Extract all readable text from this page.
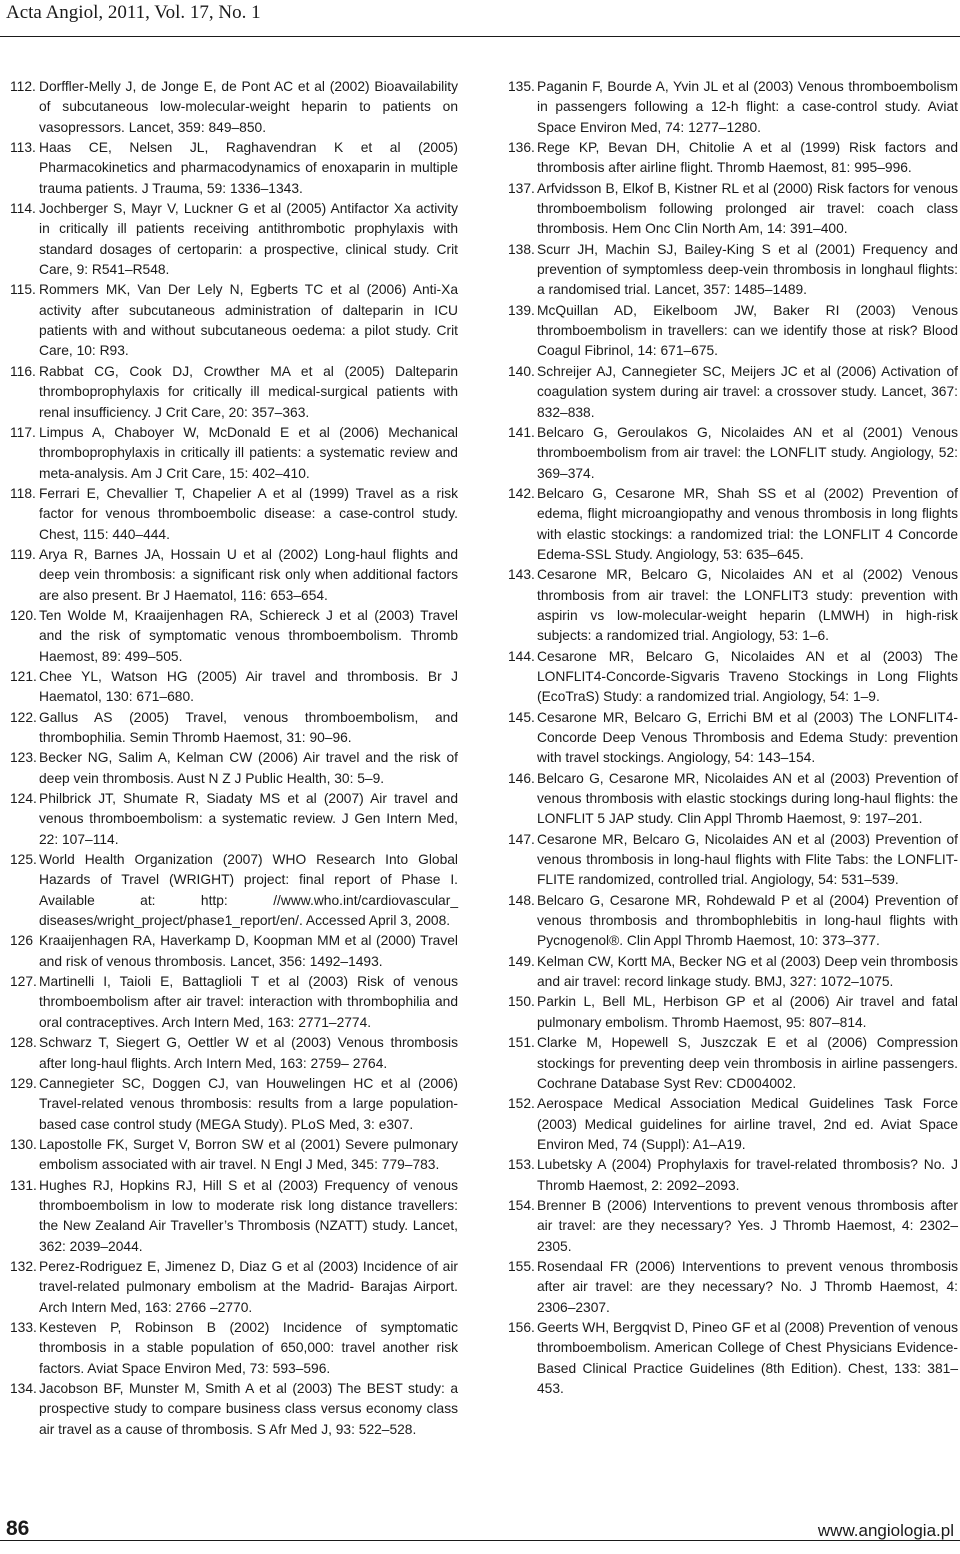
Acta Angiol, 2011, Vol. 17, No. 1
112. Dorffler-Melly J, de Jonge E, de Pont AC et al (2002) Bioavailability of subcutaneous low-molecular-weight heparin to patients on vasopressors. Lancet, 359: 849–850.
113. Haas CE, Nelsen JL, Raghavendran K et al (2005) Pharmacokinetics and pharmacodynamics of enoxaparin in multiple trauma patients. J Trauma, 59: 1336–1343.
114. Jochberger S, Mayr V, Luckner G et al (2005) Antifactor Xa activity in critically ill patients receiving antithrombotic prophylaxis with standard dosages of certoparin: a prospective, clinical study. Crit Care, 9: R541–R548.
115. Rommers MK, Van Der Lely N, Egberts TC et al (2006) Anti-Xa activity after subcutaneous administration of dalteparin in ICU patients with and without subcutaneous oedema: a pilot study. Crit Care, 10: R93.
116. Rabbat CG, Cook DJ, Crowther MA et al (2005) Dalteparin thromboprophylaxis for critically ill medical-surgical patients with renal insufficiency. J Crit Care, 20: 357–363.
117. Limpus A, Chaboyer W, McDonald E et al (2006) Mechanical thromboprophylaxis in critically ill patients: a systematic review and meta-analysis. Am J Crit Care, 15: 402–410.
118. Ferrari E, Chevallier T, Chapelier A et al (1999) Travel as a risk factor for venous thromboembolic disease: a case-control study. Chest, 115: 440–444.
119. Arya R, Barnes JA, Hossain U et al (2002) Long-haul flights and deep vein thrombosis: a significant risk only when additional factors are also present. Br J Haematol, 116: 653–654.
120. Ten Wolde M, Kraaijenhagen RA, Schiereck J et al (2003) Travel and the risk of symptomatic venous thromboembolism. Thromb Haemost, 89: 499–505.
121. Chee YL, Watson HG (2005) Air travel and thrombosis. Br J Haematol, 130: 671–680.
122. Gallus AS (2005) Travel, venous thromboembolism, and thrombophilia. Semin Thromb Haemost, 31: 90–96.
123. Becker NG, Salim A, Kelman CW (2006) Air travel and the risk of deep vein thrombosis. Aust N Z J Public Health, 30: 5–9.
124. Philbrick JT, Shumate R, Siadaty MS et al (2007) Air travel and venous thromboembolism: a systematic review. J Gen Intern Med, 22: 107–114.
125. World Health Organization (2007) WHO Research Into Global Hazards of Travel (WRIGHT) project: final report of Phase I. Available at: http: //www.who.int/cardiovascular_ diseases/wright_project/phase1_report/en/. Accessed April 3, 2008.
126 Kraaijenhagen RA, Haverkamp D, Koopman MM et al (2000) Travel and risk of venous thrombosis. Lancet, 356: 1492–1493.
127. Martinelli I, Taioli E, Battaglioli T et al (2003) Risk of venous thromboembolism after air travel: interaction with thrombophilia and oral contraceptives. Arch Intern Med, 163: 2771–2774.
128. Schwarz T, Siegert G, Oettler W et al (2003) Venous thrombosis after long-haul flights. Arch Intern Med, 163: 2759– 2764.
129. Cannegieter SC, Doggen CJ, van Houwelingen HC et al (2006) Travel-related venous thrombosis: results from a large population-based case control study (MEGA Study). PLoS Med, 3: e307.
130. Lapostolle FK, Surget V, Borron SW et al (2001) Severe pulmonary embolism associated with air travel. N Engl J Med, 345: 779–783.
131. Hughes RJ, Hopkins RJ, Hill S et al (2003) Frequency of venous thromboembolism in low to moderate risk long distance travellers: the New Zealand Air Traveller’s Thrombosis (NZATT) study. Lancet, 362: 2039–2044.
132. Perez-Rodriguez E, Jimenez D, Diaz G et al (2003) Incidence of air travel-related pulmonary embolism at the Madrid- Barajas Airport. Arch Intern Med, 163: 2766 –2770.
133. Kesteven P, Robinson B (2002) Incidence of symptomatic thrombosis in a stable population of 650,000: travel another risk factors. Aviat Space Environ Med, 73: 593–596.
134. Jacobson BF, Munster M, Smith A et al (2003) The BEST study: a prospective study to compare business class versus economy class air travel as a cause of thrombosis. S Afr Med J, 93: 522–528.
135. Paganin F, Bourde A, Yvin JL et al (2003) Venous thromboembolism in passengers following a 12-h flight: a case-control study. Aviat Space Environ Med, 74: 1277–1280.
136. Rege KP, Bevan DH, Chitolie A et al (1999) Risk factors and thrombosis after airline flight. Thromb Haemost, 81: 995–996.
137. Arfvidsson B, Elkof B, Kistner RL et al (2000) Risk factors for venous thromboembolism following prolonged air travel: coach class thrombosis. Hem Onc Clin North Am, 14: 391–400.
138. Scurr JH, Machin SJ, Bailey-King S et al (2001) Frequency and prevention of symptomless deep-vein thrombosis in longhaul flights: a randomised trial. Lancet, 357: 1485–1489.
139. McQuillan AD, Eikelboom JW, Baker RI (2003) Venous thromboembolism in travellers: can we identify those at risk? Blood Coagul Fibrinol, 14: 671–675.
140. Schreijer AJ, Cannegieter SC, Meijers JC et al (2006) Activation of coagulation system during air travel: a crossover study. Lancet, 367: 832–838.
141. Belcaro G, Geroulakos G, Nicolaides AN et al (2001) Venous thromboembolism from air travel: the LONFLIT study. Angiology, 52: 369–374.
142. Belcaro G, Cesarone MR, Shah SS et al (2002) Prevention of edema, flight microangiopathy and venous thrombosis in long flights with elastic stockings: a randomized trial: the LONFLIT 4 Concorde Edema-SSL Study. Angiology, 53: 635–645.
143. Cesarone MR, Belcaro G, Nicolaides AN et al (2002) Venous thrombosis from air travel: the LONFLIT3 study: prevention with aspirin vs low-molecular-weight heparin (LMWH) in high-risk subjects: a randomized trial. Angiology, 53: 1–6.
144. Cesarone MR, Belcaro G, Nicolaides AN et al (2003) The LONFLIT4-Concorde-Sigvaris Traveno Stockings in Long Flights (EcoTraS) Study: a randomized trial. Angiology, 54: 1–9.
145. Cesarone MR, Belcaro G, Errichi BM et al (2003) The LONFLIT4-Concorde Deep Venous Thrombosis and Edema Study: prevention with travel stockings. Angiology, 54: 143–154.
146. Belcaro G, Cesarone MR, Nicolaides AN et al (2003) Prevention of venous thrombosis with elastic stockings during long-haul flights: the LONFLIT 5 JAP study. Clin Appl Thromb Haemost, 9: 197–201.
147. Cesarone MR, Belcaro G, Nicolaides AN et al (2003) Prevention of venous thrombosis in long-haul flights with Flite Tabs: the LONFLIT-FLITE randomized, controlled trial. Angiology, 54: 531–539.
148. Belcaro G, Cesarone MR, Rohdewald P et al (2004) Prevention of venous thrombosis and thrombophlebitis in long-haul flights with Pycnogenol®. Clin Appl Thromb Haemost, 10: 373–377.
149. Kelman CW, Kortt MA, Becker NG et al (2003) Deep vein thrombosis and air travel: record linkage study. BMJ, 327: 1072–1075.
150. Parkin L, Bell ML, Herbison GP et al (2006) Air travel and fatal pulmonary embolism. Thromb Haemost, 95: 807–814.
151. Clarke M, Hopewell S, Juszczak E et al (2006) Compression stockings for preventing deep vein thrombosis in airline passengers. Cochrane Database Syst Rev: CD004002.
152. Aerospace Medical Association Medical Guidelines Task Force (2003) Medical guidelines for airline travel, 2nd ed. Aviat Space Environ Med, 74 (Suppl): A1–A19.
153. Lubetsky A (2004) Prophylaxis for travel-related thrombosis? No. J Thromb Haemost, 2: 2092–2093.
154. Brenner B (2006) Interventions to prevent venous thrombosis after air travel: are they necessary? Yes. J Thromb Haemost, 4: 2302–2305.
155. Rosendaal FR (2006) Interventions to prevent venous thrombosis after air travel: are they necessary? No. J Thromb Haemost, 4: 2306–2307.
156. Geerts WH, Bergqvist D, Pineo GF et al (2008) Prevention of venous thromboembolism. American College of Chest Physicians Evidence-Based Clinical Practice Guidelines (8th Edition). Chest, 133: 381–453.
86	www.angiologia.pl
